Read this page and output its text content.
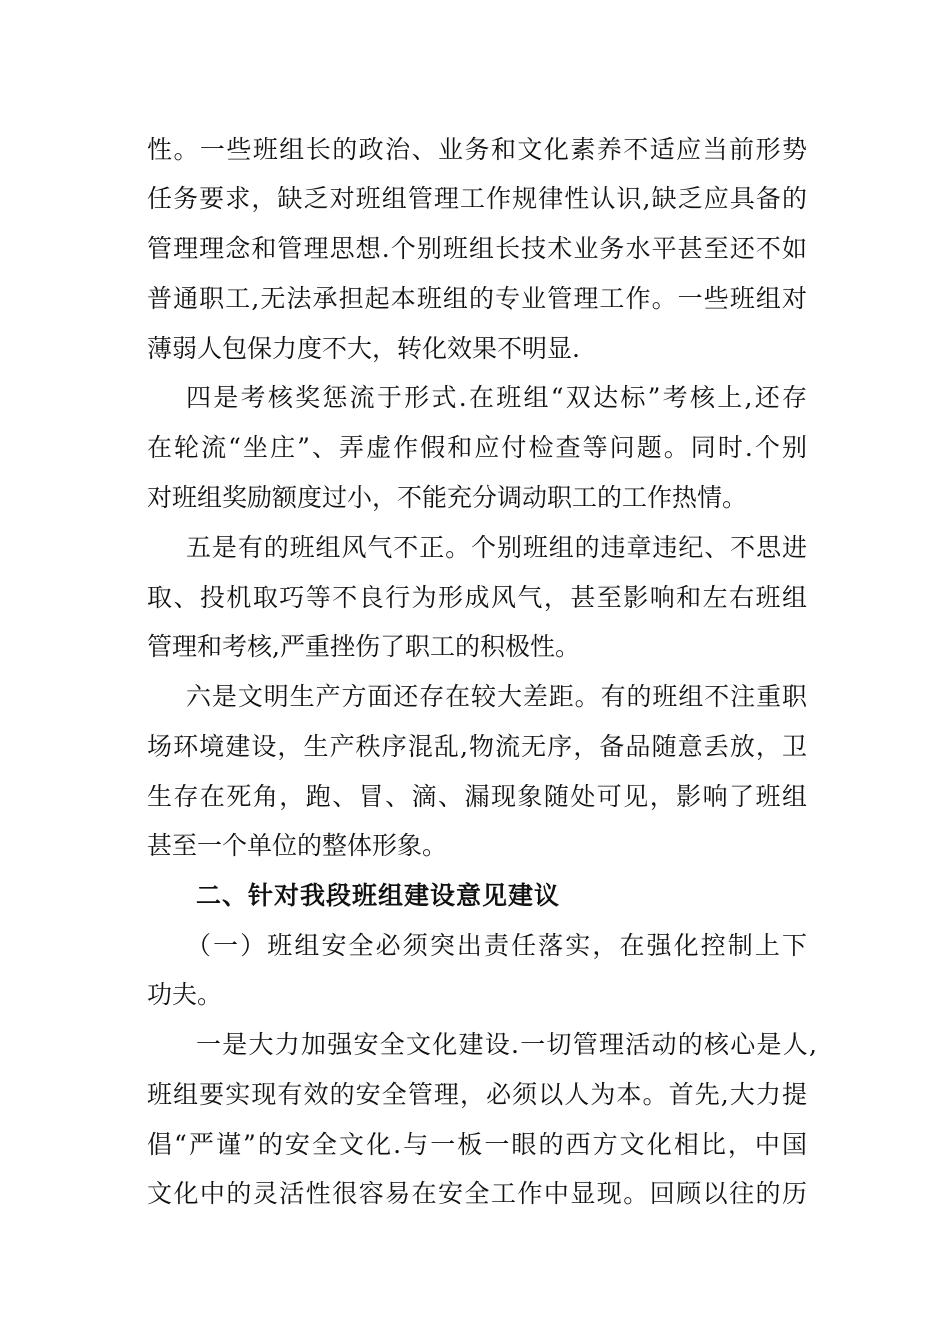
性。一些班组长的政治、业务和文化素养不适应当前形势
任务要求，缺乏对班组管理工作规律性认识,缺乏应具备的
管理理念和管理思想.个别班组长技术业务水平甚至还不如
普通职工,无法承担起本班组的专业管理工作。一些班组对
薄弱人包保力度不大，转化效果不明显.
四是考核奖惩流于形式.在班组“双达标”考核上,还存
在轮流“坐庄”、弄虚作假和应付检查等问题。同时.个别
对班组奖励额度过小，不能充分调动职工的工作热情。
五是有的班组风气不正。个别班组的违章违纪、不思进
取、投机取巧等不良行为形成风气，甚至影响和左右班组
管理和考核,严重挫伤了职工的积极性。
六是文明生产方面还存在较大差距。有的班组不注重职
场环境建设，生产秩序混乱,物流无序，备品随意丢放，卫
生存在死角，跑、冒、滴、漏现象随处可见，影响了班组
甚至一个单位的整体形象。
二、针对我段班组建设意见建议
（一）班组安全必须突出责任落实，在强化控制上下
功夫。
一是大力加强安全文化建设.一切管理活动的核心是人,
班组要实现有效的安全管理，必须以人为本。首先,大力提
倡“严谨”的安全文化.与一板一眼的西方文化相比，中国
文化中的灵活性很容易在安全工作中显现。回顾以往的历
